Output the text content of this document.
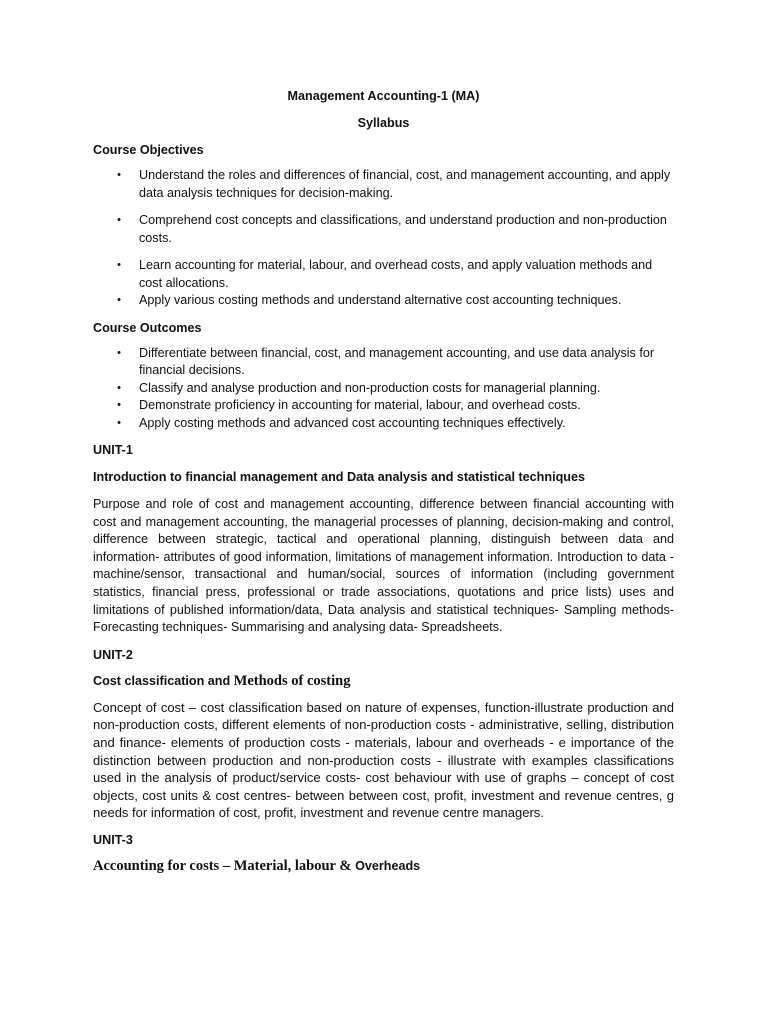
Management Accounting-1 (MA)

Syllabus

Course Objectives

• Understand the roles and differences of financial, cost, and management accounting, and apply data analysis techniques for decision-making.
• Comprehend cost concepts and classifications, and understand production and non-production costs.
• Learn accounting for material, labour, and overhead costs, and apply valuation methods and cost allocations.
• Apply various costing methods and understand alternative cost accounting techniques.

Course Outcomes

• Differentiate between financial, cost, and management accounting, and use data analysis for financial decisions.
• Classify and analyse production and non-production costs for managerial planning.
• Demonstrate proficiency in accounting for material, labour, and overhead costs.
• Apply costing methods and advanced cost accounting techniques effectively.

UNIT-1

Introduction to financial management and Data analysis and statistical techniques

Purpose and role of cost and management accounting, difference between financial accounting with cost and management accounting, the managerial processes of planning, decision-making and control, difference between strategic, tactical and operational planning, distinguish between data and information- attributes of good information, limitations of management information. Introduction to data -machine/sensor, transactional and human/social, sources of information (including government statistics, financial press, professional or trade associations, quotations and price lists) uses and limitations of published information/data, Data analysis and statistical techniques- Sampling methods- Forecasting techniques- Summarising and analysing data- Spreadsheets.

UNIT-2

Cost classification and Methods of costing

Concept of cost – cost classification based on nature of expenses, function-illustrate production and non-production costs, different elements of non-production costs - administrative, selling, distribution and finance- elements of production costs - materials, labour and overheads - e importance of the distinction between production and non-production costs - illustrate with examples classifications used in the analysis of product/service costs- cost behaviour with use of graphs – concept of cost objects, cost units & cost centres- between between cost, profit, investment and revenue centres, g needs for information of cost, profit, investment and revenue centre managers.

UNIT-3

Accounting for costs – Material, labour & Overheads
